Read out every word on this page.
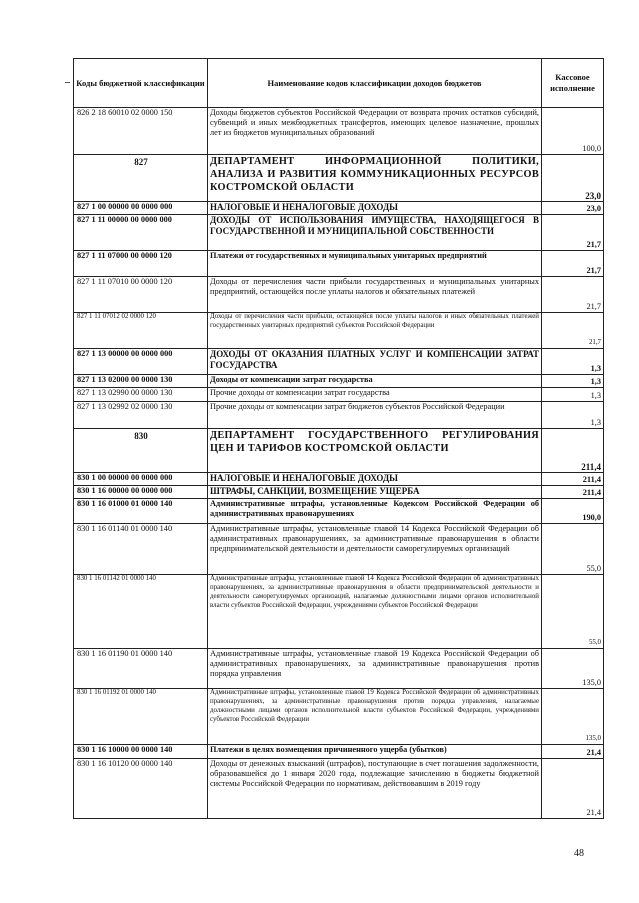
Коды бюджетной классификации	Наименование кодов классификации доходов бюджетов	Кассовое исполнение
826 2 18 60010 02 0000 150	Доходы бюджетов субъектов Российской Федерации от возврата прочих остатков субсидий, субвенций и иных межбюджетных трансфертов, имеющих целевое назначение, прошлых лет из бюджетов муниципальных образований	100,0
827	ДЕПАРТАМЕНТ ИНФОРМАЦИОННОЙ ПОЛИТИКИ, АНАЛИЗА И РАЗВИТИЯ КОММУНИКАЦИОННЫХ РЕСУРСОВ КОСТРОМСКОЙ ОБЛАСТИ	23,0
827 1 00 00000 00 0000 000	НАЛОГОВЫЕ И НЕНАЛОГОВЫЕ ДОХОДЫ	23,0
827 1 11 00000 00 0000 000	ДОХОДЫ ОТ ИСПОЛЬЗОВАНИЯ ИМУЩЕСТВА, НАХОДЯЩЕГОСЯ В ГОСУДАРСТВЕННОЙ И МУНИЦИПАЛЬНОЙ СОБСТВЕННОСТИ	21,7
827 1 11 07000 00 0000 120	Платежи от государственных и муниципальных унитарных предприятий	21,7
827 1 11 07010 00 0000 120	Доходы от перечисления части прибыли государственных и муниципальных унитарных предприятий, остающейся после уплаты налогов и обязательных платежей	21,7
827 1 11 07012 02 0000 120	Доходы от перечисления части прибыли, остающейся после уплаты налогов и иных обязательных платежей государственных унитарных предприятий субъектов Российской Федерации	21,7
827 1 13 00000 00 0000 000	ДОХОДЫ ОТ ОКАЗАНИЯ ПЛАТНЫХ УСЛУГ И КОМПЕНСАЦИИ ЗАТРАТ ГОСУДАРСТВА	1,3
827 1 13 02000 00 0000 130	Доходы от компенсации затрат государства	1,3
827 1 13 02990 00 0000 130	Прочие доходы от компенсации затрат государства	1,3
827 1 13 02992 02 0000 130	Прочие доходы от компенсации затрат бюджетов субъектов Российской Федерации	1,3
830	ДЕПАРТАМЕНТ ГОСУДАРСТВЕННОГО РЕГУЛИРОВАНИЯ ЦЕН И ТАРИФОВ КОСТРОМСКОЙ ОБЛАСТИ	211,4
830 1 00 00000 00 0000 000	НАЛОГОВЫЕ И НЕНАЛОГОВЫЕ ДОХОДЫ	211,4
830 1 16 00000 00 0000 000	ШТРАФЫ, САНКЦИИ, ВОЗМЕЩЕНИЕ УЩЕРБА	211,4
830 1 16 01000 01 0000 140	Административные штрафы, установленные Кодексом Российской Федерации об административных правонарушениях	190,0
830 1 16 01140 01 0000 140	Административные штрафы, установленные главой 14 Кодекса Российской Федерации об административных правонарушениях, за административные правонарушения в области предпринимательской деятельности и деятельности саморегулируемых организаций	55,0
830 1 16 01142 01 0000 140	Административные штрафы, установленные главой 14 Кодекса Российской Федерации об административных правонарушениях, за административные правонарушения в области предпринимательской деятельности и деятельности саморегулируемых организаций, налагаемые должностными лицами органов исполнительной власти субъектов Российской Федерации, учреждениями субъектов Российской Федерации	55,0
830 1 16 01190 01 0000 140	Административные штрафы, установленные главой 19 Кодекса Российской Федерации об административных правонарушениях, за административные правонарушения против порядка управления	135,0
830 1 16 01192 01 0000 140	Административные штрафы, установленные главой 19 Кодекса Российской Федерации об административных правонарушениях, за административные правонарушения против порядка управления, налагаемые должностными лицами органов исполнительной власти субъектов Российской Федерации, учреждениями субъектов Российской Федерации	135,0
830 1 16 10000 00 0000 140	Платежи в целях возмещения причиненного ущерба (убытков)	21,4
830 1 16 10120 00 0000 140	Доходы от денежных взысканий (штрафов), поступающие в счет погашения задолженности, образовавшейся до 1 января 2020 года, подлежащие зачислению в бюджеты бюджетной системы Российской Федерации по нормативам, действовавшим в 2019 году	21,4
48
